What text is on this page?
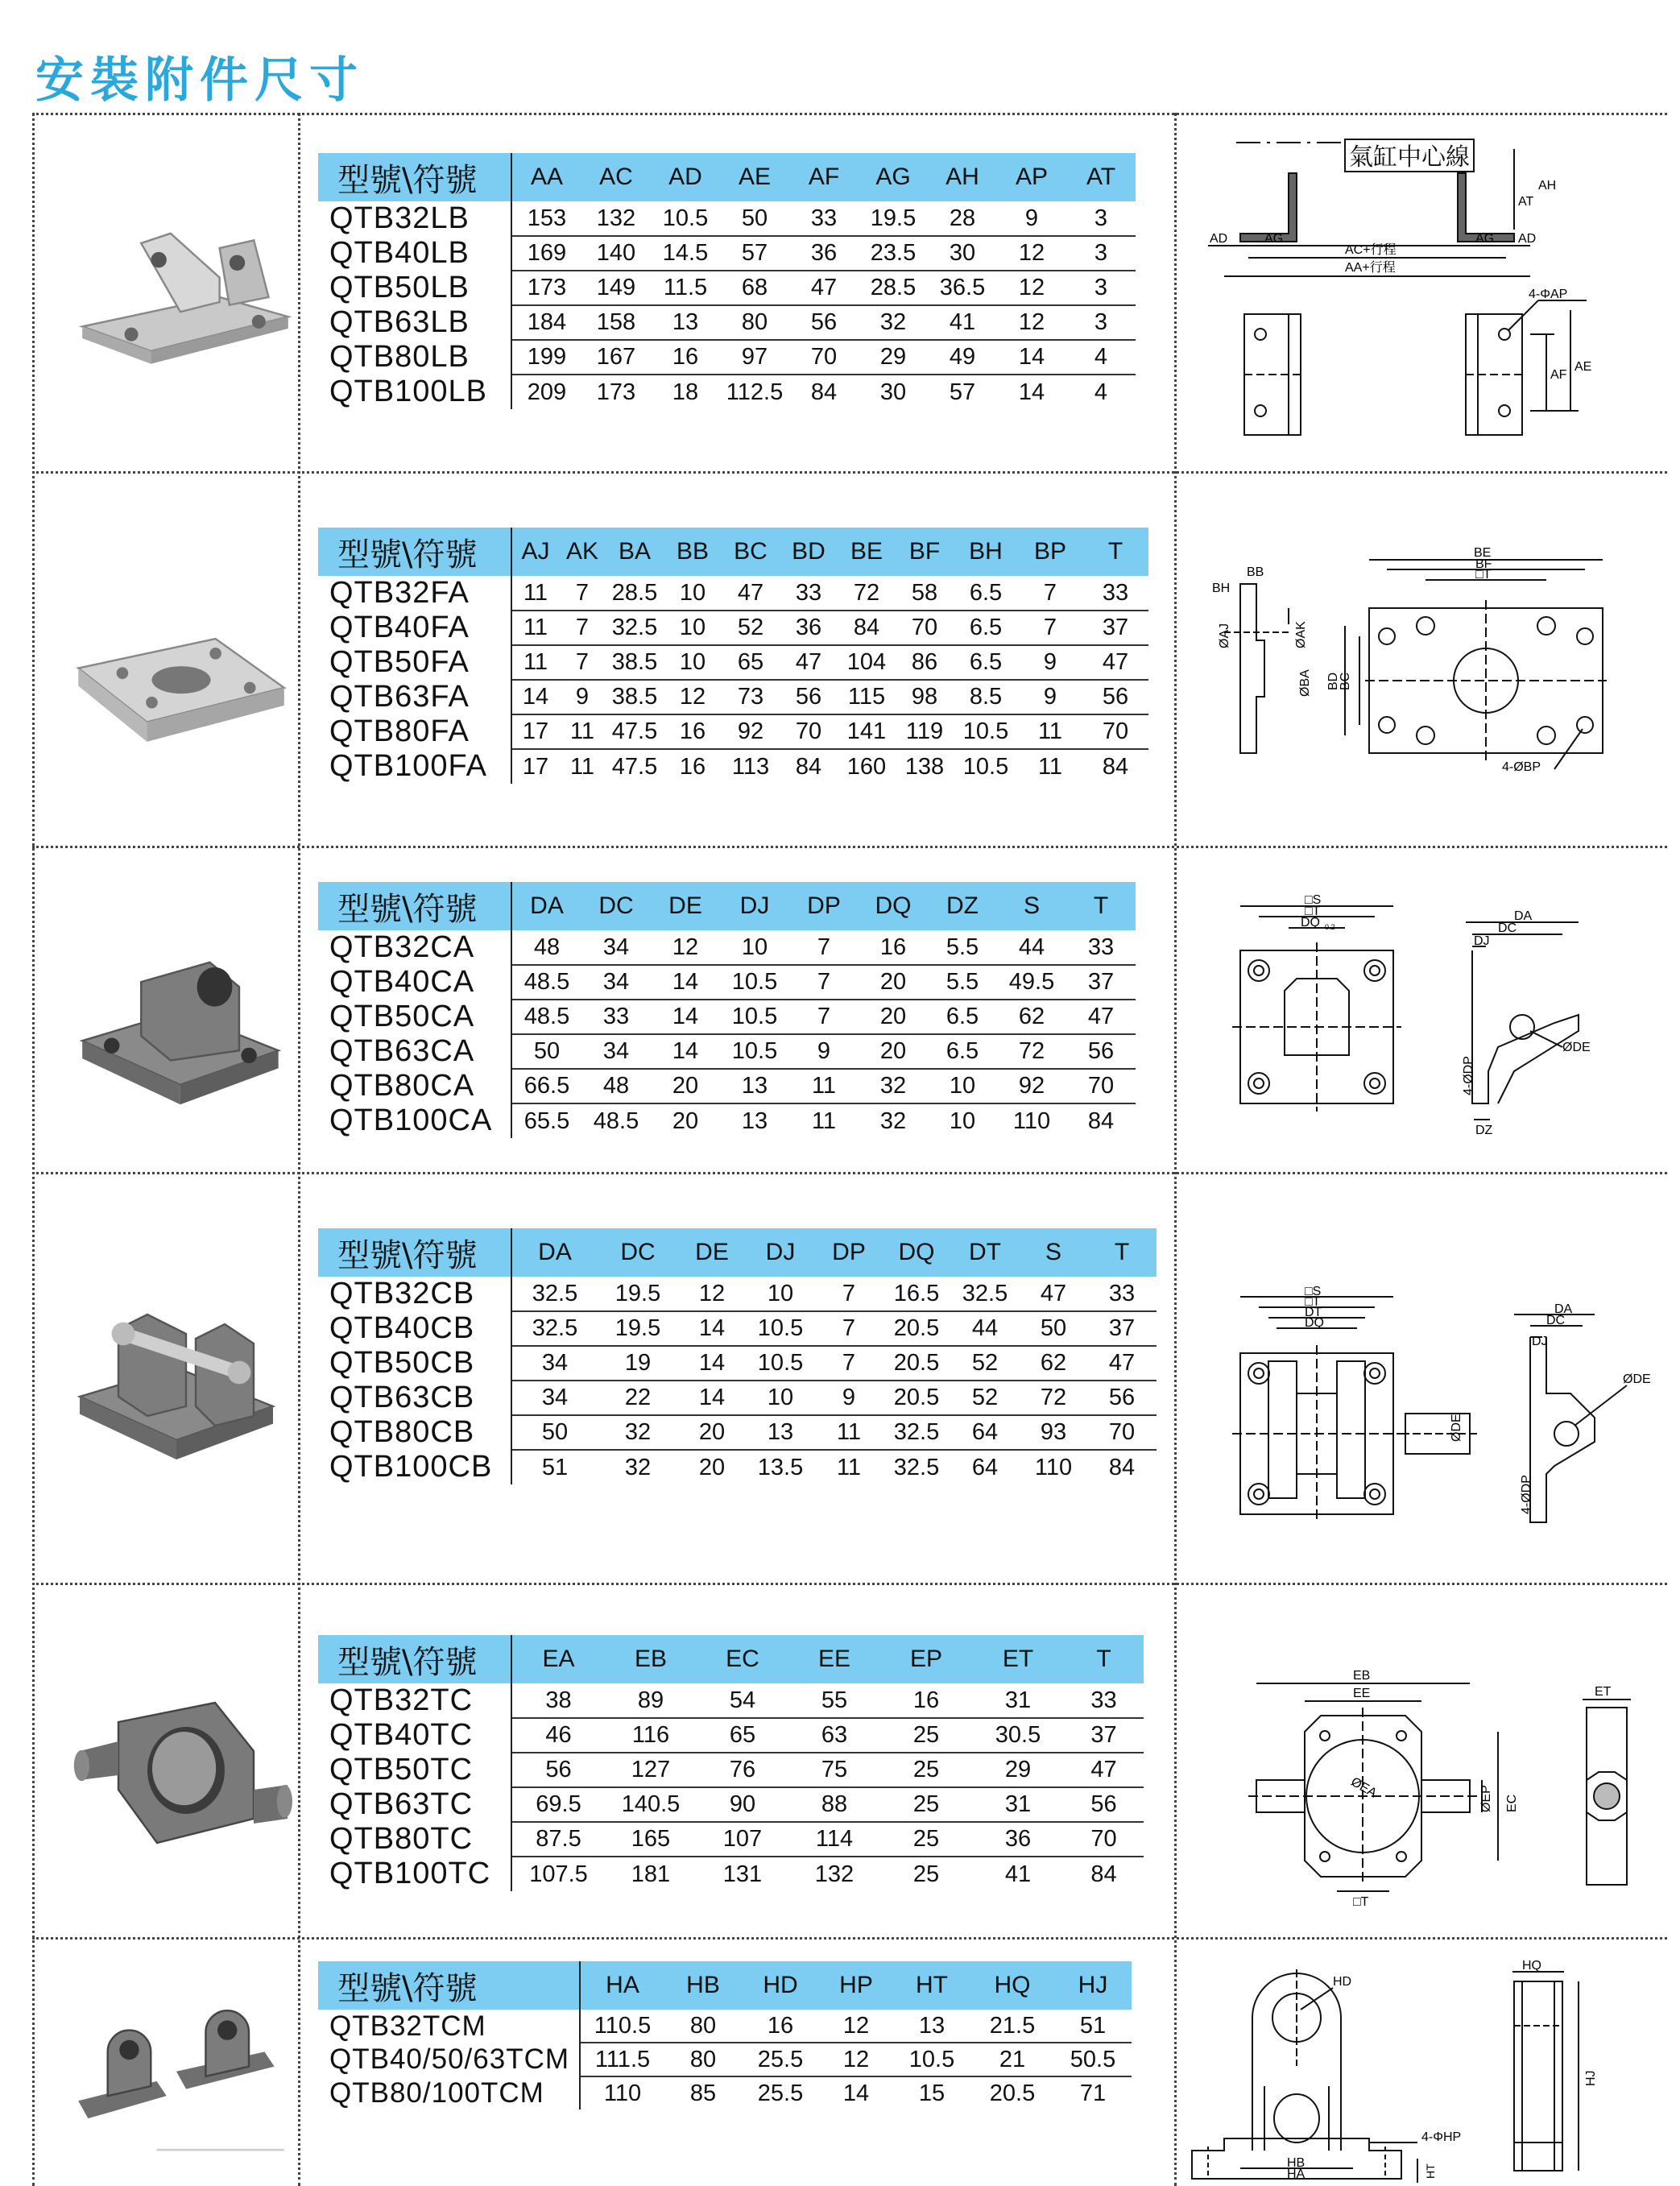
安裝附件尺寸
型號\符號	AA	AC	AD	AE	AF	AG	AH	AP	AT
QTB32LB	153	132	10.5	50	33	19.5	28	9	3
QTB40LB	169	140	14.5	57	36	23.5	30	12	3
QTB50LB	173	149	11.5	68	47	28.5	36.5	12	3
QTB63LB	184	158	13	80	56	32	41	12	3
QTB80LB	199	167	16	97	70	29	49	14	4
QTB100LB	209	173	18	112.5	84	30	57	14	4
氣缸中心線
AD	AG
AC+行程
AA+行程
AG AD
4-ΦAP
AT
AH
AF
AE
型號\符號	AJ	AK	BA	BB	BC	BD	BE	BF	BH	BP	T
QTB32FA	11	7	28.5	10	47	33	72	58	6.5	7	33
QTB40FA	11	7	32.5	10	52	36	84	70	6.5	7	37
QTB50FA	11	7	38.5	10	65	47	104	86	6.5	9	47
QTB63FA	14	9	38.5	12	73	56	115	98	8.5	9	56
QTB80FA	17	11	47.5	16	92	70	141	119	10.5	11	70
QTB100FA	17	11	47.5	16	113	84	160	138	10.5	11	84
BH
BB
ØAJ	ØAK
ØBA BD
BC
BE
BF
□T
4-ØBP
型號\符號	DA	DC	DE	DJ	DP	DQ	DZ	S	T
QTB32CA	48	34	12	10	7	16	5.5	44	33
QTB40CA	48.5	34	14	10.5	7	20	5.5	49.5	37
QTB50CA	48.5	33	14	10.5	7	20	6.5	62	47
QTB63CA	50	34	14	10.5	9	20	6.5	72	56
QTB80CA	66.5	48	20	13	11	32	10	92	70
QTB100CA	65.5	48.5	20	13	11	32	10	110	84
□S
□T
DQ 0.2
DA
DC
DJ
ØDE
4-ØDP
DZ
型號\符號	DA	DC	DE	DJ	DP	DQ	DT	S	T
QTB32CB	32.5	19.5	12	10	7	16.5	32.5	47	33
QTB40CB	32.5	19.5	14	10.5	7	20.5	44	50	37
QTB50CB	34	19	14	10.5	7	20.5	52	62	47
QTB63CB	34	22	14	10	9	20.5	52	72	56
QTB80CB	50	32	20	13	11	32.5	64	93	70
QTB100CB	51	32	20	13.5	11	32.5	64	110	84
□S
□T
DT
DQ
ØDE
DA
DC
DJ
ØDE
4-ØDP
型號\符號	EA	EB	EC	EE	EP	ET	T
QTB32TC	38	89	54	55	16	31	33
QTB40TC	46	116	65	63	25	30.5	37
QTB50TC	56	127	76	75	25	29	47
QTB63TC	69.5	140.5	90	88	25	31	56
QTB80TC	87.5	165	107	114	25	36	70
QTB100TC	107.5	181	131	132	25	41	84
EB
EE
ØEA	ØEP EC
□T
ET
型號\符號	HA	HB	HD	HP	HT	HQ	HJ
QTB32TCM	110.5	80	16	12	13	21.5	51
QTB40/50/63TCM	111.5	80	25.5	12	10.5	21	50.5
QTB80/100TCM	110	85	25.5	14	15	20.5	71
HD
4-ΦHP
HB
HA	HT
HQ
HJ
